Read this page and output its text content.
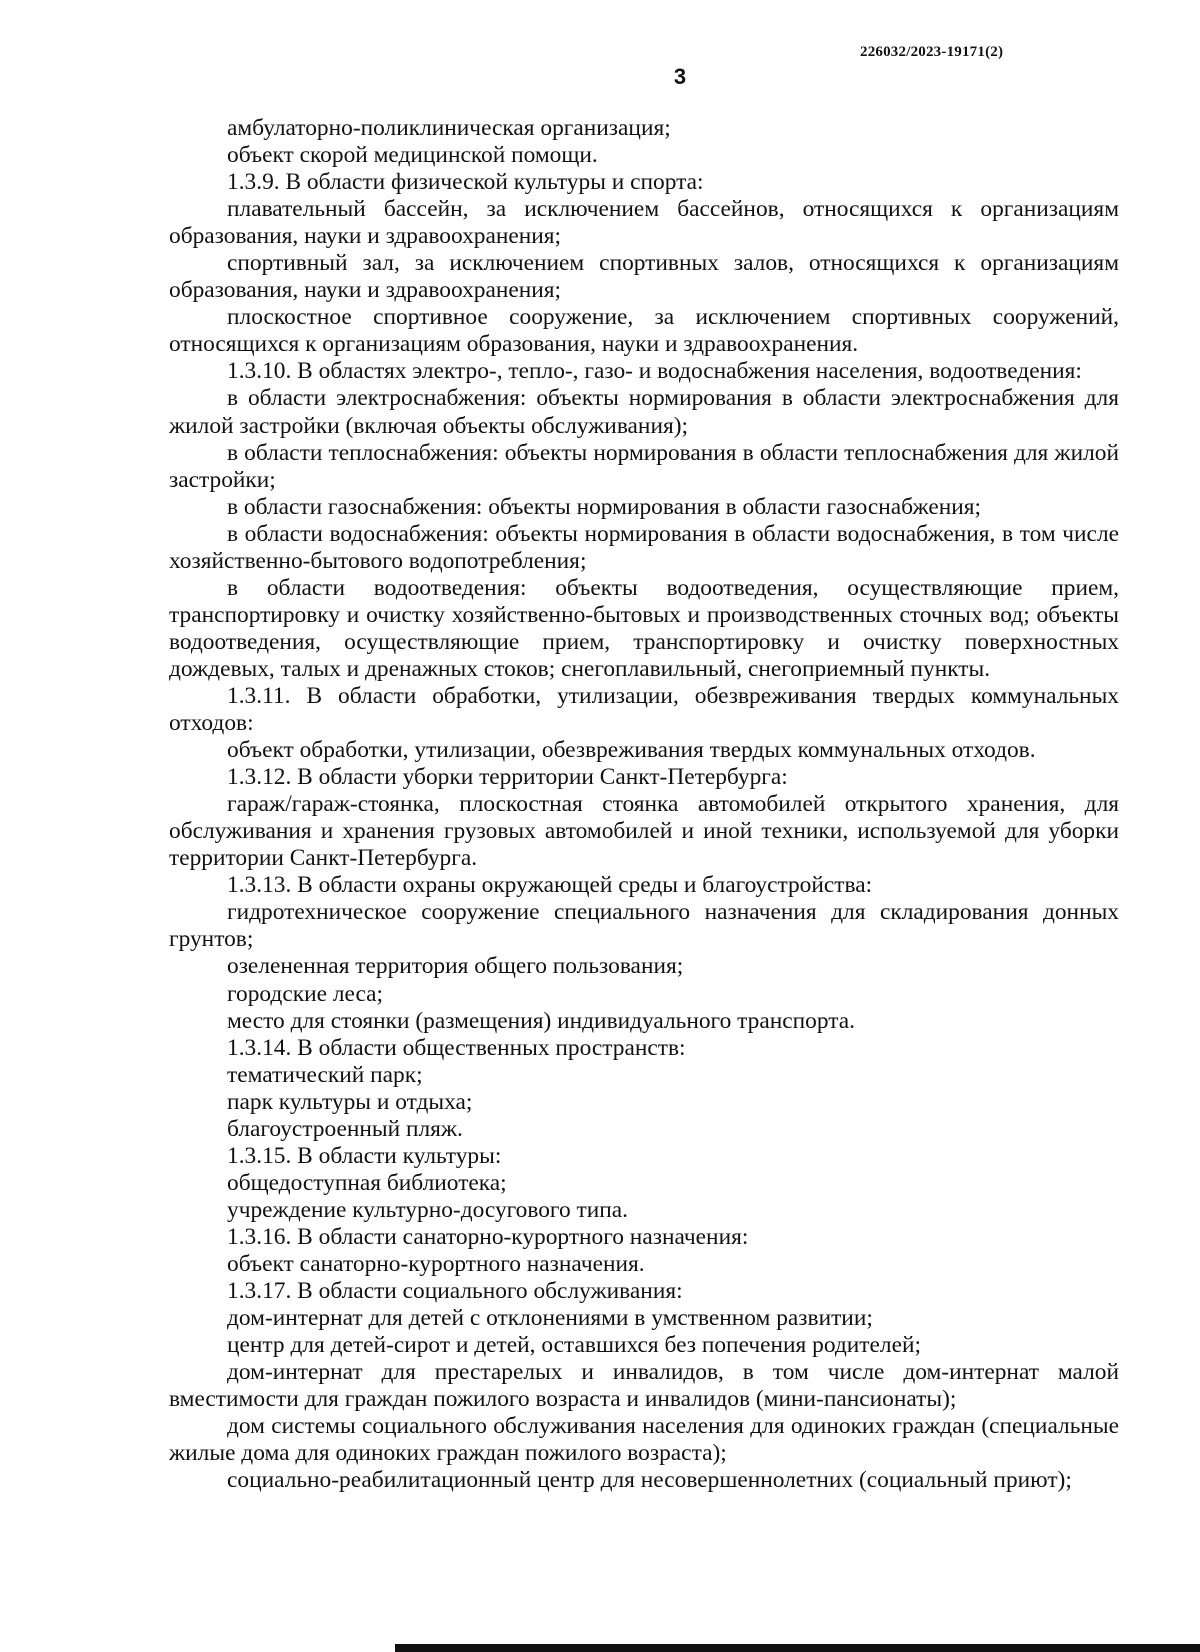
226032/2023-19171(2)
3

амбулаторно-поликлиническая организация;

объект скорой медицинской помощи.

1.3.9. В области физической культуры и спорта:

плавательный бассейн, за исключением бассейнов, относящихся к организациям образования, науки и здравоохранения;

спортивный зал, за исключением спортивных залов, относящихся к организациям образования, науки и здравоохранения;

плоскостное спортивное сооружение, за исключением спортивных сооружений, относящихся к организациям образования, науки и здравоохранения.

1.3.10. В областях электро-, тепло-, газо- и водоснабжения населения, водоотведения:

в области электроснабжения: объекты нормирования в области электроснабжения для жилой застройки (включая объекты обслуживания);

в области теплоснабжения: объекты нормирования в области теплоснабжения для жилой застройки;

в области газоснабжения: объекты нормирования в области газоснабжения;

в области водоснабжения: объекты нормирования в области водоснабжения, в том числе хозяйственно-бытового водопотребления;

в области водоотведения: объекты водоотведения, осуществляющие прием, транспортировку и очистку хозяйственно-бытовых и производственных сточных вод; объекты водоотведения, осуществляющие прием, транспортировку и очистку поверхностных дождевых, талых и дренажных стоков; снегоплавильный, снегоприемный пункты.

1.3.11. В области обработки, утилизации, обезвреживания твердых коммунальных отходов:

объект обработки, утилизации, обезвреживания твердых коммунальных отходов.

1.3.12. В области уборки территории Санкт-Петербурга:

гараж/гараж-стоянка, плоскостная стоянка автомобилей открытого хранения, для обслуживания и хранения грузовых автомобилей и иной техники, используемой для уборки территории Санкт-Петербурга.

1.3.13. В области охраны окружающей среды и благоустройства:

гидротехническое сооружение специального назначения для складирования донных грунтов;

озелененная территория общего пользования;

городские леса;

место для стоянки (размещения) индивидуального транспорта.

1.3.14. В области общественных пространств:

тематический парк;

парк культуры и отдыха;

благоустроенный пляж.

1.3.15. В области культуры:

общедоступная библиотека;

учреждение культурно-досугового типа.

1.3.16. В области санаторно-курортного назначения:

объект санаторно-курортного назначения.

1.3.17. В области социального обслуживания:

дом-интернат для детей с отклонениями в умственном развитии;

центр для детей-сирот и детей, оставшихся без попечения родителей;

дом-интернат для престарелых и инвалидов, в том числе дом-интернат малой вместимости для граждан пожилого возраста и инвалидов (мини-пансионаты);

дом системы социального обслуживания населения для одиноких граждан (специальные жилые дома для одиноких граждан пожилого возраста);

социально-реабилитационный центр для несовершеннолетних (социальный приют);
